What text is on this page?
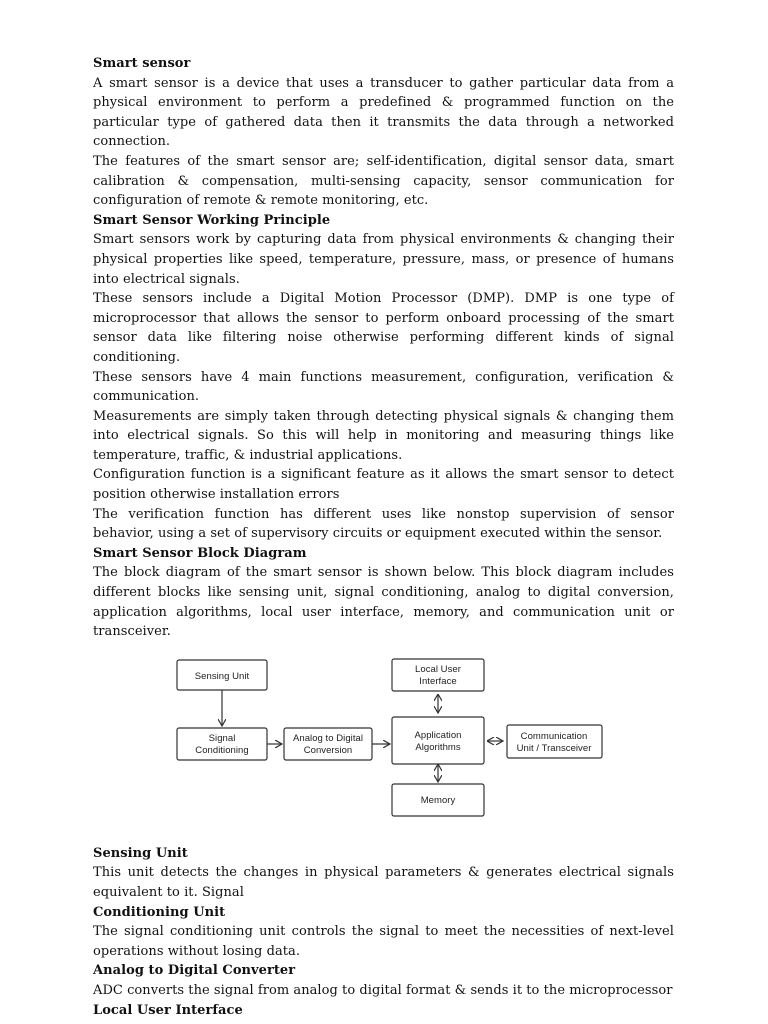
Smart sensor

A smart sensor is a device that uses a transducer to gather particular data from a physical environment to perform a predefined & programmed function on the particular type of gathered data then it transmits the data through a networked connection.

The features of the smart sensor are; self-identification, digital sensor data, smart calibration & compensation, multi-sensing capacity, sensor communication for configuration of remote & remote monitoring, etc.

Smart Sensor Working Principle

Smart sensors work by capturing data from physical environments & changing their physical properties like speed, temperature, pressure, mass, or presence of humans into electrical signals.

These sensors include a Digital Motion Processor (DMP). DMP is one type of microprocessor that allows the sensor to perform onboard processing of the smart sensor data like filtering noise otherwise performing different kinds of signal conditioning.

These sensors have 4 main functions measurement, configuration, verification & communication.

Measurements are simply taken through detecting physical signals & changing them into electrical signals. So this will help in monitoring and measuring things like temperature, traffic, & industrial applications.

Configuration function is a significant feature as it allows the smart sensor to detect position otherwise installation errors

The verification function has different uses like nonstop supervision of sensor behavior, using a set of supervisory circuits or equipment executed within the sensor.

Smart Sensor Block Diagram

The block diagram of the smart sensor is shown below. This block diagram includes different blocks like sensing unit, signal conditioning, analog to digital conversion, application algorithms, local user interface, memory, and communication unit or transceiver.

Sensing Unit
Signal
Conditioning
Analog to Digital
Conversion
Application
Algorithms
Local User
Interface
Communication
Unit / Transceiver
Memory

Sensing Unit

This unit detects the changes in physical parameters & generates electrical signals equivalent to it. Signal

Conditioning Unit

The signal conditioning unit controls the signal to meet the necessities of next-level operations without losing data.

Analog to Digital Converter

ADC converts the signal from analog to digital format & sends it to the microprocessor

Local User Interface
